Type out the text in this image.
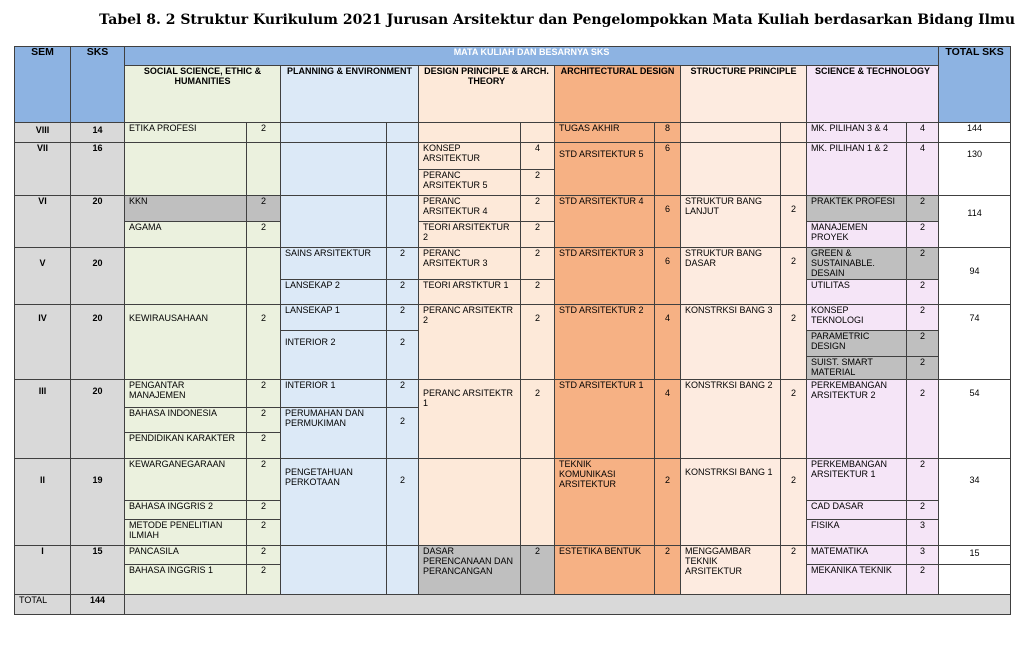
Tabel 8. 2 Struktur Kurikulum 2021 Jurusan Arsitektur dan Pengelompokkan Mata Kuliah berdasarkan Bidang Ilmu
SEM	SKS	MATA KULIAH DAN BESARNYA SKS												TOTAL SKS
		SOCIAL SCIENCE, ETHIC & HUMANITIES		PLANNING & ENVIRONMENT		DESIGN PRINCIPLE & ARCH. THEORY		ARCHITECTURAL DESIGN		STRUCTURE PRINCIPLE		SCIENCE & TECHNOLOGY		
VIII	14	ETIKA PROFESI	2					TUGAS AKHIR	8			MK. PILIHAN 3 & 4	4	144
VII	16					KONSEP ARSITEKTUR	4	STD ARSITEKTUR 5	6			MK. PILIHAN 1 & 2	4	130
						PERANC ARSITEKTUR 5	2							
VI	20	KKN	2			PERANC ARSITEKTUR 4	2	STD ARSITEKTUR 4	6	STRUKTUR BANG LANJUT	2	PRAKTEK PROFESI	2	114
		AGAMA	2			TEORI ARSITEKTUR 2	2					MANAJEMEN PROYEK	2	
V	20			SAINS ARSITEKTUR	2	PERANC ARSITEKTUR 3	2	STD ARSITEKTUR 3	6	STRUKTUR BANG DASAR	2	GREEN & SUSTAINABLE. DESAIN	2	94
				LANSEKAP 2	2	TEORI ARSTKTUR 1	2					UTILITAS	2	
IV	20	KEWIRAUSAHAAN	2	LANSEKAP 1	2	PERANC ARSITEKTR 2	2	STD ARSITEKTUR 2	4	KONSTRKSI BANG 3	2	KONSEP TEKNOLOGI	2	74
				INTERIOR 2	2							PARAMETRIC DESIGN	2	
												SUIST. SMART MATERIAL	2	
III	20	PENGANTAR MANAJEMEN	2	INTERIOR 1	2	PERANC ARSITEKTR 1	2	STD ARSITEKTUR 1	4	KONSTRKSI BANG 2	2	PERKEMBANGAN ARSITEKTUR 2	2	54
		BAHASA INDONESIA	2	PERUMAHAN DAN PERMUKIMAN	2									
		PENDIDIKAN KARAKTER	2											
II	19	KEWARGANEGARAAN	2	PENGETAHUAN PERKOTAAN	2			TEKNIK KOMUNIKASI ARSITEKTUR	2	KONSTRKSI BANG 1	2	PERKEMBANGAN ARSITEKTUR 1	2	34
		BAHASA INGGRIS 2	2									CAD DASAR	2	
		METODE PENELITIAN ILMIAH	2									FISIKA	3	
I	15	PANCASILA	2			DASAR PERENCANAAN DAN PERANCANGAN	2	ESTETIKA BENTUK	2	MENGGAMBAR TEKNIK ARSITEKTUR	2	MATEMATIKA	3	15
		BAHASA INGGRIS 1	2									MEKANIKA TEKNIK	2	
TOTAL	144													
